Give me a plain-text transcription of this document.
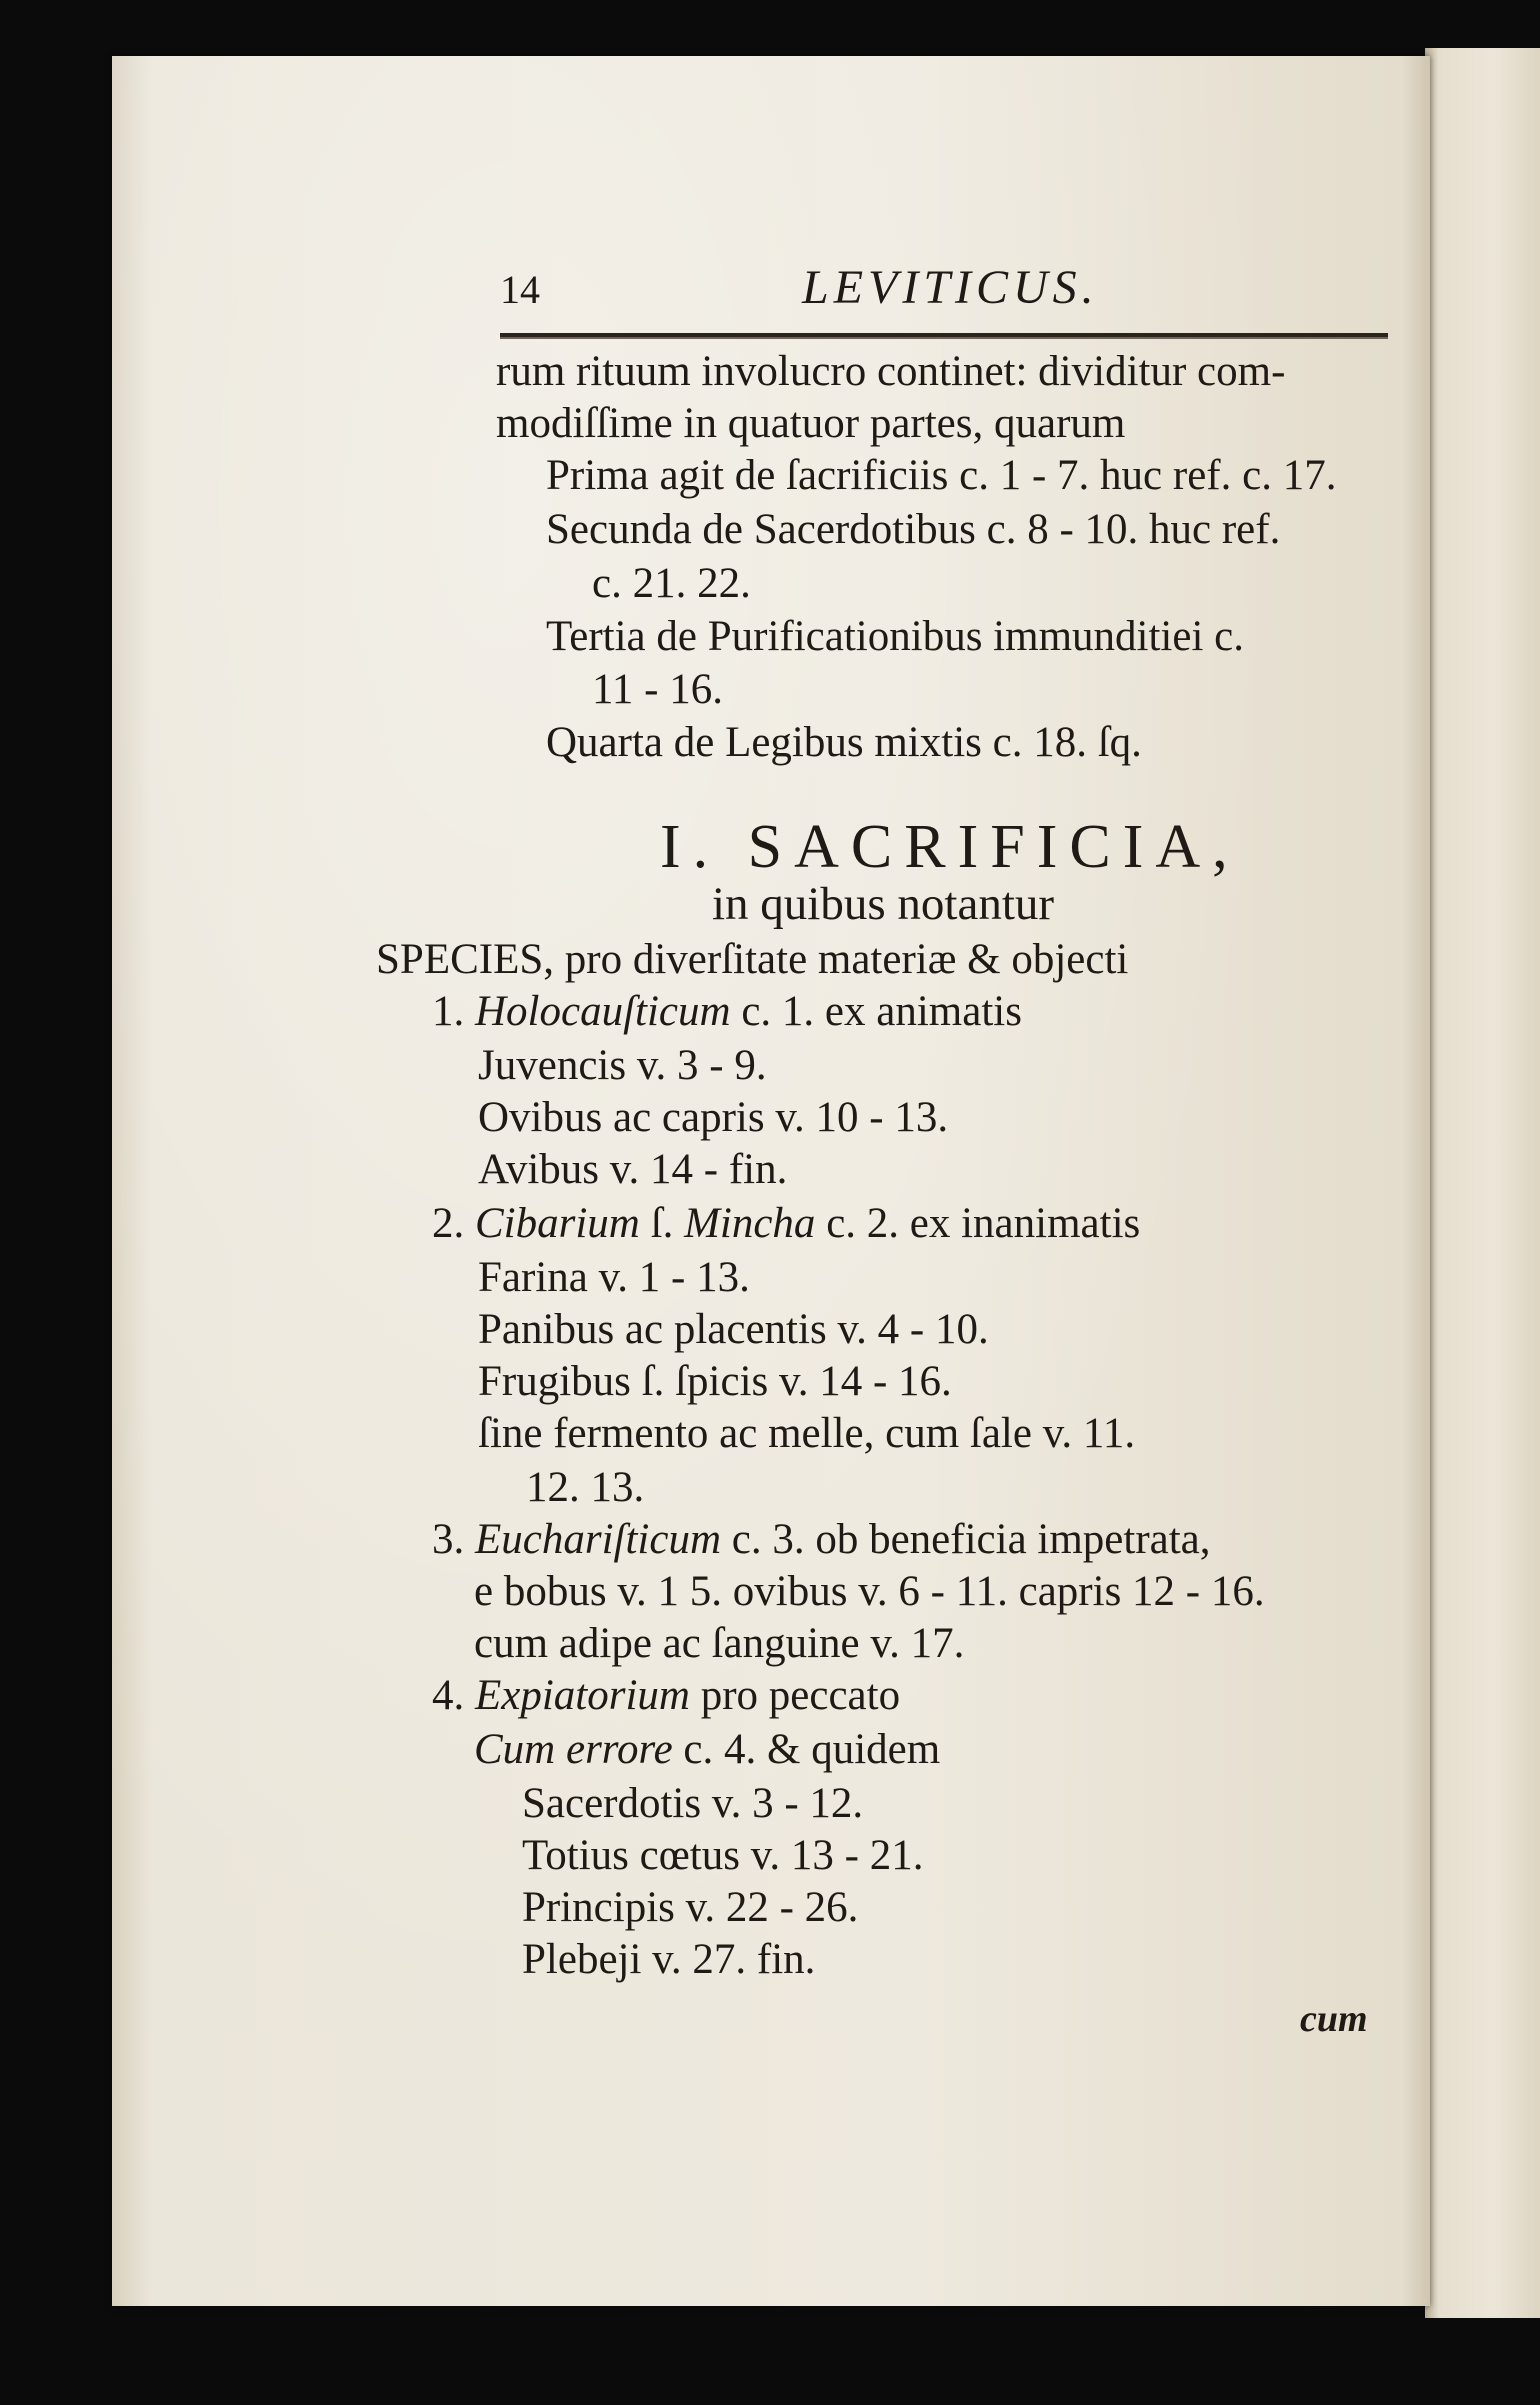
14	LEVITICUS.
rum rituum involucro continet: dividitur com-
modiſſime in quatuor partes, quarum
Prima agit de ſacrificiis c. 1 - 7. huc ref. c. 17.
Secunda de Sacerdotibus c. 8 - 10. huc ref.
c. 21. 22.
Tertia de Purificationibus immunditiei c.
11 - 16.
Quarta de Legibus mixtis c. 18. ſq.
I. SACRIFICIA,
in quibus notantur
SPECIES, pro diverſitate materiæ & objecti
1. Holocauſticum c. 1. ex animatis
Juvencis v. 3 - 9.
Ovibus ac capris v. 10 - 13.
Avibus v. 14 - fin.
2. Cibarium ſ. Mincha c. 2. ex inanimatis
Farina v. 1 - 13.
Panibus ac placentis v. 4 - 10.
Frugibus ſ. ſpicis v. 14 - 16.
ſine fermento ac melle, cum ſale v. 11.
12. 13.
3. Euchariſticum c. 3. ob beneficia impetrata,
e bobus v. 1 5. ovibus v. 6 - 11. capris 12 - 16.
cum adipe ac ſanguine v. 17.
4. Expiatorium pro peccato
Cum errore c. 4. & quidem
Sacerdotis v. 3 - 12.
Totius cœtus v. 13 - 21.
Principis v. 22 - 26.
Plebeji v. 27. fin.
cum
